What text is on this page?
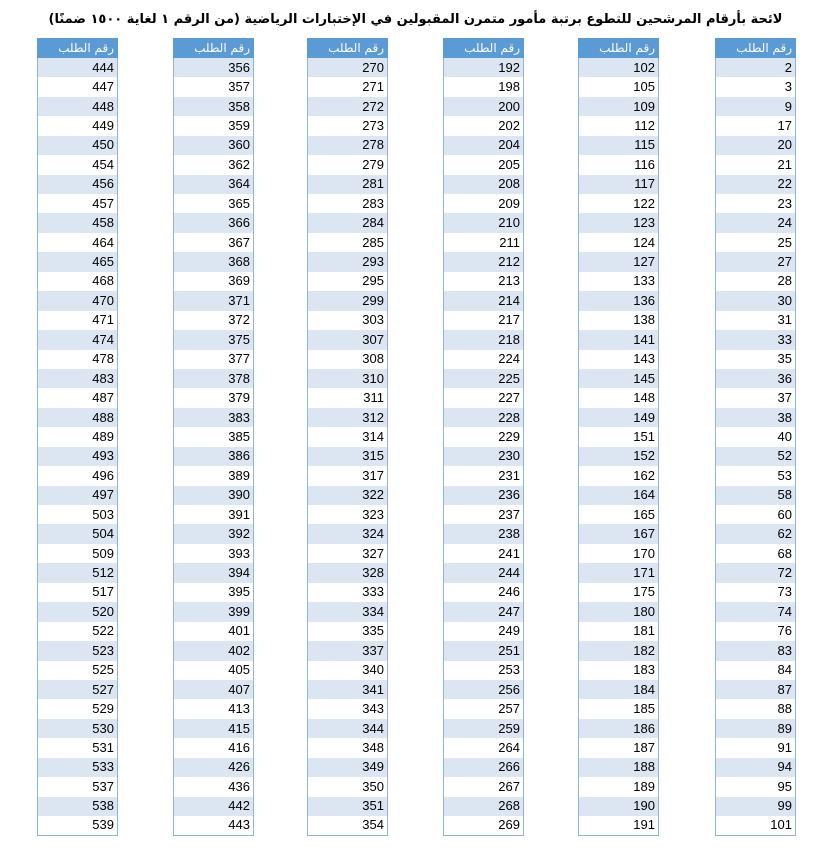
لائحة بأرقام المرشحين للتطوع برتبة مأمور متمرن المقبولين في الإختبارات الرياضية (من الرقم ١ لغاية ١٥٠٠ ضمنًا)
رقم الطلب
2
3
9
17
20
21
22
23
24
25
27
28
30
31
33
35
36
37
38
40
52
53
58
60
62
68
72
73
74
76
83
84
87
88
89
91
94
95
99
101
رقم الطلب
102
105
109
112
115
116
117
122
123
124
127
133
136
138
141
143
145
148
149
151
152
162
164
165
167
170
171
175
180
181
182
183
184
185
186
187
188
189
190
191
رقم الطلب
192
198
200
202
204
205
208
209
210
211
212
213
214
217
218
224
225
227
228
229
230
231
236
237
238
241
244
246
247
249
251
253
256
257
259
264
266
267
268
269
رقم الطلب
270
271
272
273
278
279
281
283
284
285
293
295
299
303
307
308
310
311
312
314
315
317
322
323
324
327
328
333
334
335
337
340
341
343
344
348
349
350
351
354
رقم الطلب
356
357
358
359
360
362
364
365
366
367
368
369
371
372
375
377
378
379
383
385
386
389
390
391
392
393
394
395
399
401
402
405
407
413
415
416
426
436
442
443
رقم الطلب
444
447
448
449
450
454
456
457
458
464
465
468
470
471
474
478
483
487
488
489
493
496
497
503
504
509
512
517
520
522
523
525
527
529
530
531
533
537
538
539
